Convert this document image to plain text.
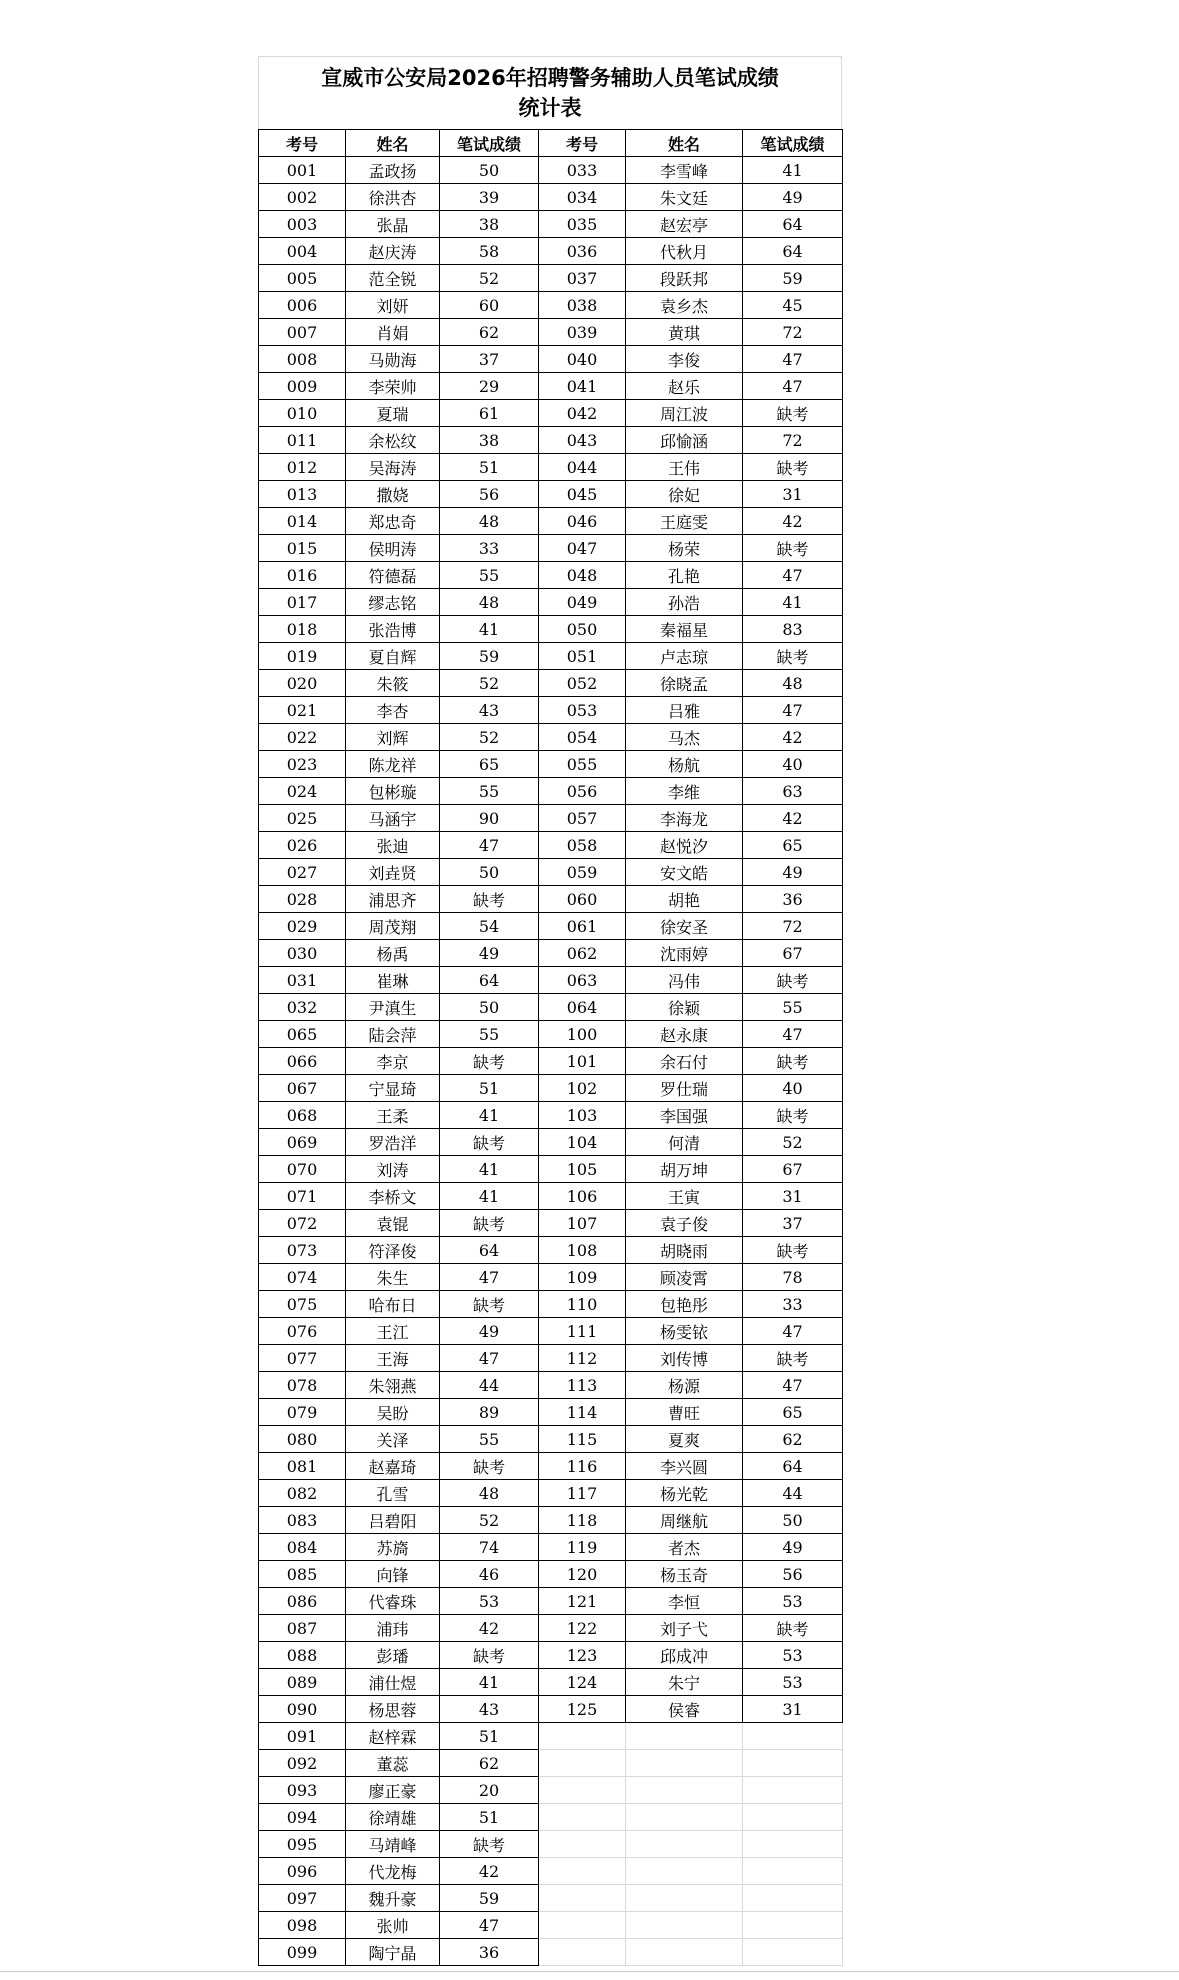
宣威市公安局2026年招聘警务辅助人员笔试成绩
统计表
考号	姓名	笔试成绩	考号	姓名	笔试成绩
001	孟政扬	50	033	李雪峰	41
002	徐洪杏	39	034	朱文廷	49
003	张晶	38	035	赵宏亭	64
004	赵庆涛	58	036	代秋月	64
005	范全锐	52	037	段跃邦	59
006	刘妍	60	038	袁乡杰	45
007	肖娟	62	039	黄琪	72
008	马勋海	37	040	李俊	47
009	李荣帅	29	041	赵乐	47
010	夏瑞	61	042	周江波	缺考
011	余松纹	38	043	邱愉涵	72
012	吴海涛	51	044	王伟	缺考
013	撒娆	56	045	徐妃	31
014	郑忠奇	48	046	王庭雯	42
015	侯明涛	33	047	杨荣	缺考
016	符德磊	55	048	孔艳	47
017	缪志铭	48	049	孙浩	41
018	张浩博	41	050	秦福星	83
019	夏自辉	59	051	卢志琼	缺考
020	朱筱	52	052	徐晓孟	48
021	李杏	43	053	吕雅	47
022	刘辉	52	054	马杰	42
023	陈龙祥	65	055	杨航	40
024	包彬璇	55	056	李维	63
025	马涵宇	90	057	李海龙	42
026	张迪	47	058	赵悦汐	65
027	刘垚贤	50	059	安文皓	49
028	浦思齐	缺考	060	胡艳	36
029	周茂翔	54	061	徐安圣	72
030	杨禹	49	062	沈雨婷	67
031	崔琳	64	063	冯伟	缺考
032	尹滇生	50	064	徐颖	55
065	陆会萍	55	100	赵永康	47
066	李京	缺考	101	余石付	缺考
067	宁显琦	51	102	罗仕瑞	40
068	王柔	41	103	李国强	缺考
069	罗浩洋	缺考	104	何清	52
070	刘涛	41	105	胡万坤	67
071	李桥文	41	106	王寅	31
072	袁锟	缺考	107	袁子俊	37
073	符泽俊	64	108	胡晓雨	缺考
074	朱生	47	109	顾凌霄	78
075	哈布日	缺考	110	包艳彤	33
076	王江	49	111	杨雯铱	47
077	王海	47	112	刘传博	缺考
078	朱翎燕	44	113	杨源	47
079	吴盼	89	114	曹旺	65
080	关泽	55	115	夏爽	62
081	赵嘉琦	缺考	116	李兴圆	64
082	孔雪	48	117	杨光乾	44
083	吕碧阳	52	118	周继航	50
084	苏旖	74	119	者杰	49
085	向锋	46	120	杨玉奇	56
086	代睿珠	53	121	李恒	53
087	浦玮	42	122	刘子弋	缺考
088	彭璠	缺考	123	邱成冲	53
089	浦仕煜	41	124	朱宁	53
090	杨思蓉	43	125	侯睿	31
091	赵梓霖	51			
092	董蕊	62			
093	廖正豪	20			
094	徐靖雄	51			
095	马靖峰	缺考			
096	代龙梅	42			
097	魏升豪	59			
098	张帅	47			
099	陶宁晶	36			
